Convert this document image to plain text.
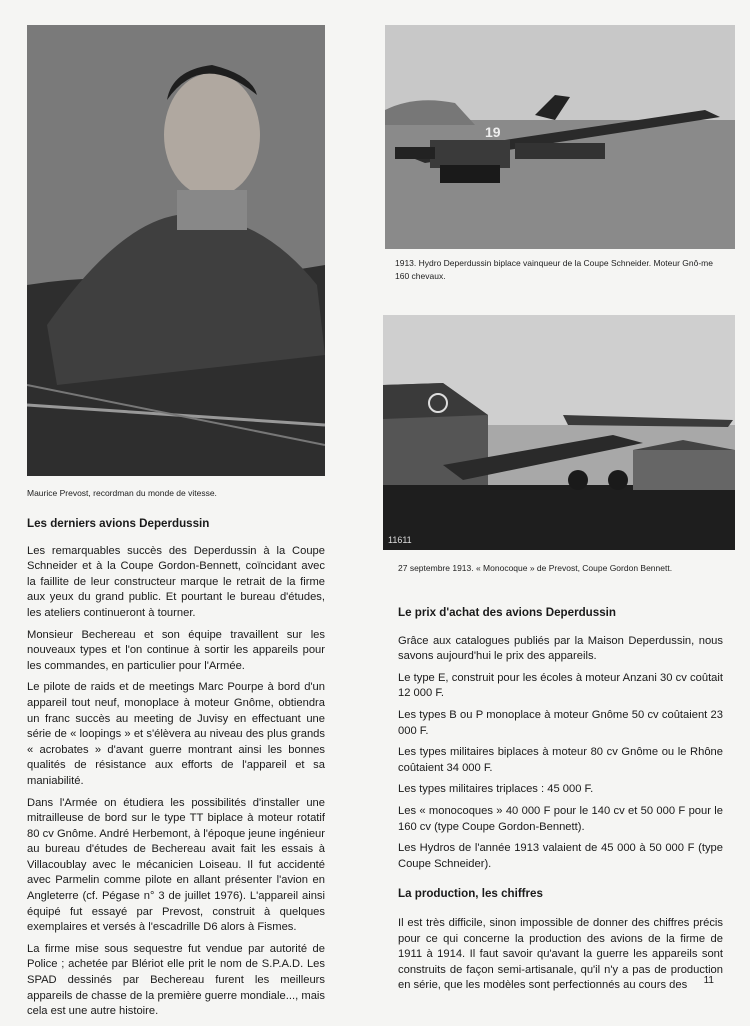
Maurice Prevost, recordman du monde de vitesse.
19
1913. Hydro Deperdussin biplace vainqueur de la Coupe Schneider. Moteur Gnô-me 160 chevaux.
11611
27 septembre 1913. « Monocoque » de Prevost, Coupe Gordon Bennett.
Les derniers avions Deperdussin

Les remarquables succès des Deperdussin à la Coupe Schneider et à la Coupe Gordon-Bennett, coïncidant avec la faillite de leur constructeur marque le retrait de la firme aux yeux du grand public. Et pourtant le bureau d'études, les ateliers continueront à tourner.

Monsieur Bechereau et son équipe travaillent sur les nouveaux types et l'on continue à sortir les appareils pour les commandes, en particulier pour l'Armée.

Le pilote de raids et de meetings Marc Pourpe à bord d'un appareil tout neuf, monoplace à moteur Gnôme, obtiendra un franc succès au meeting de Juvisy en effectuant une série de « loopings » et s'élèvera au niveau des plus grands « acrobates » d'avant guerre montrant ainsi les bonnes qualités de résistance aux efforts de l'appareil et sa maniabilité.

Dans l'Armée on étudiera les possibilités d'installer une mitrailleuse de bord sur le type TT biplace à moteur rotatif 80 cv Gnôme. André Herbemont, à l'époque jeune ingénieur au bureau d'études de Bechereau avait fait les essais à Villacoublay avec le mécanicien Loiseau. Il fut accidenté avec Parmelin comme pilote en allant présenter l'avion en Angleterre (cf. Pégase n° 3 de juillet 1976). L'appareil ainsi équipé fut essayé par Prevost, construit à quelques exemplaires et versés à l'escadrille D6 alors à Fismes.

La firme mise sous sequestre fut vendue par autorité de Police ; achetée par Blériot elle prit le nom de S.P.A.D. Les SPAD dessinés par Bechereau furent les meilleurs appareils de chasse de la première guerre mondiale..., mais cela est une autre histoire.

Le prix d'achat des avions Deperdussin

Grâce aux catalogues publiés par la Maison Deperdussin, nous savons aujourd'hui le prix des appareils.

Le type E, construit pour les écoles à moteur Anzani 30 cv coûtait 12 000 F.

Les types B ou P monoplace à moteur Gnôme 50 cv coûtaient 23 000 F.

Les types militaires biplaces à moteur 80 cv Gnôme ou le Rhône coûtaient 34 000 F.

Les types militaires triplaces : 45 000 F.

Les « monocoques » 40 000 F pour le 140 cv et 50 000 F pour le 160 cv (type Coupe Gordon-Bennett).

Les Hydros de l'année 1913 valaient de 45 000 à 50 000 F (type Coupe Schneider).

La production, les chiffres

Il est très difficile, sinon impossible de donner des chiffres précis pour ce qui concerne la production des avions de la firme de 1911 à 1914. Il faut savoir qu'avant la guerre les appareils sont construits de façon semi-artisanale, qu'il n'y a pas de production en série, que les modèles sont perfectionnés au cours des	11
